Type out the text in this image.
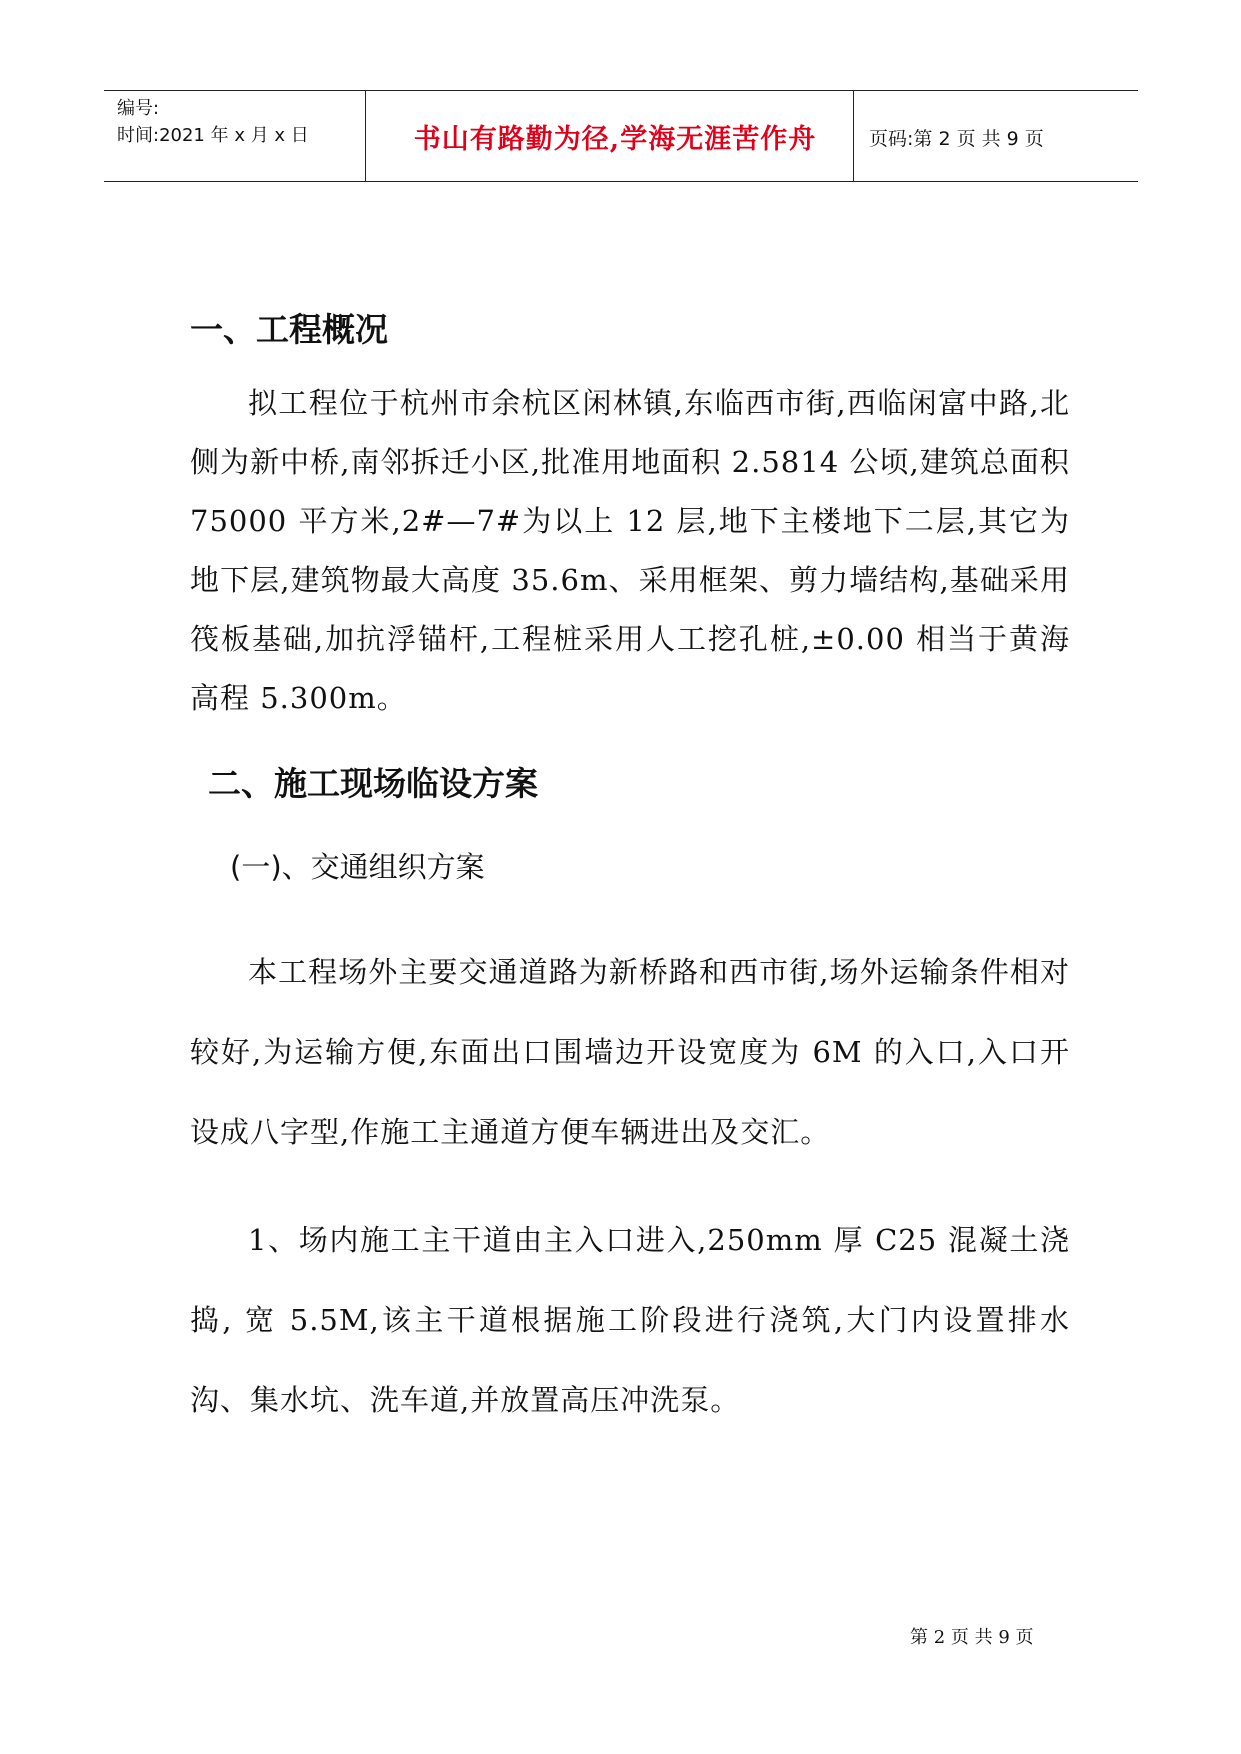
编号:
时间:2021 年 x 月 x 日	书山有路勤为径,学海无涯苦作舟	页码:第 2 页 共 9 页
一、工程概况

拟工程位于杭州市余杭区闲林镇,东临西市街,西临闲富中路,北侧为新中桥,南邻拆迁小区,批准用地面积 2.5814 公顷,建筑总面积 75000 平方米,2#—7#为以上 12 层,地下主楼地下二层,其它为地下层,建筑物最大高度 35.6m、采用框架、剪力墙结构,基础采用筏板基础,加抗浮锚杆,工程桩采用人工挖孔桩,±0.00 相当于黄海高程 5.300m。

二、施工现场临设方案
(一)、交通组织方案

本工程场外主要交通道路为新桥路和西市街,场外运输条件相对较好,为运输方便,东面出口围墙边开设宽度为 6M 的入口,入口开设成八字型,作施工主通道方便车辆进出及交汇。

1、场内施工主干道由主入口进入,250mm 厚 C25 混凝土浇捣, 宽 5.5M,该主干道根据施工阶段进行浇筑,大门内设置排水沟、集水坑、洗车道,并放置高压冲洗泵。

第 2 页 共 9 页
